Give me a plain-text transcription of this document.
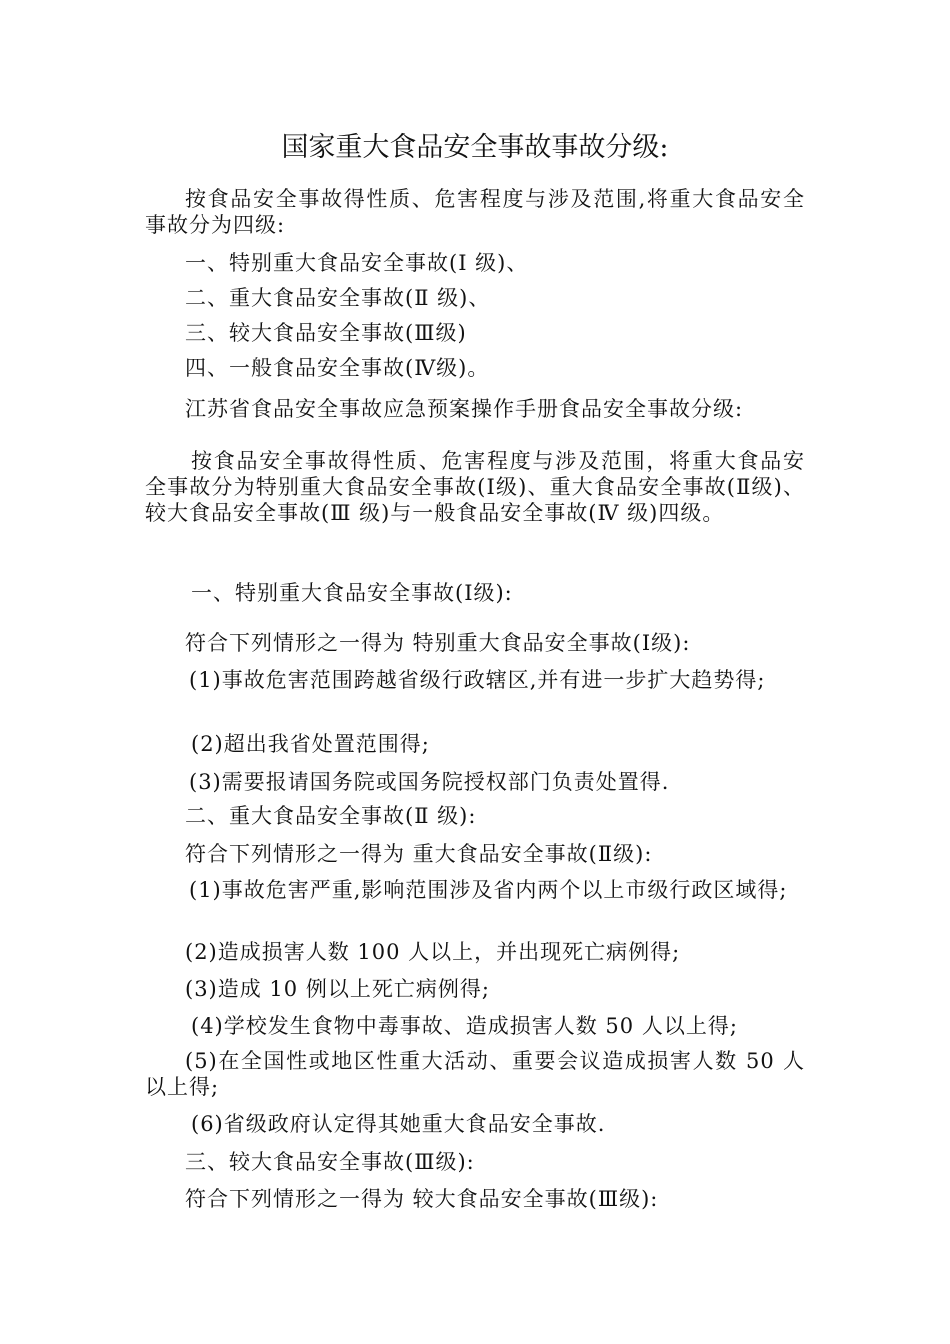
国家重大食品安全事故事故分级:
按食品安全事故得性质、危害程度与涉及范围,将重大食品安全事故分为四级:
一、特别重大食品安全事故(Ⅰ 级)、
二、重大食品安全事故(Ⅱ 级)、
三、较大食品安全事故(Ⅲ级)
四、一般食品安全事故(Ⅳ级)。
江苏省食品安全事故应急预案操作手册食品安全事故分级:
按食品安全事故得性质、危害程度与涉及范围，将重大食品安全事故分为特别重大食品安全事故(Ⅰ级)、重大食品安全事故(Ⅱ级)、较大食品安全事故(Ⅲ 级)与一般食品安全事故(Ⅳ 级)四级。
一、特别重大食品安全事故(Ⅰ级):
符合下列情形之一得为 特别重大食品安全事故(Ⅰ级):
(1)事故危害范围跨越省级行政辖区,并有进一步扩大趋势得;
(2)超出我省处置范围得;
(3)需要报请国务院或国务院授权部门负责处置得.
二、重大食品安全事故(Ⅱ 级):
符合下列情形之一得为 重大食品安全事故(Ⅱ级):
(1)事故危害严重,影响范围涉及省内两个以上市级行政区域得;
(2)造成损害人数 100 人以上，并出现死亡病例得;
(3)造成 10 例以上死亡病例得;
(4)学校发生食物中毒事故、造成损害人数 50 人以上得;
(5)在全国性或地区性重大活动、重要会议造成损害人数 50 人以上得;
(6)省级政府认定得其她重大食品安全事故.
三、较大食品安全事故(Ⅲ级):
符合下列情形之一得为 较大食品安全事故(Ⅲ级):
